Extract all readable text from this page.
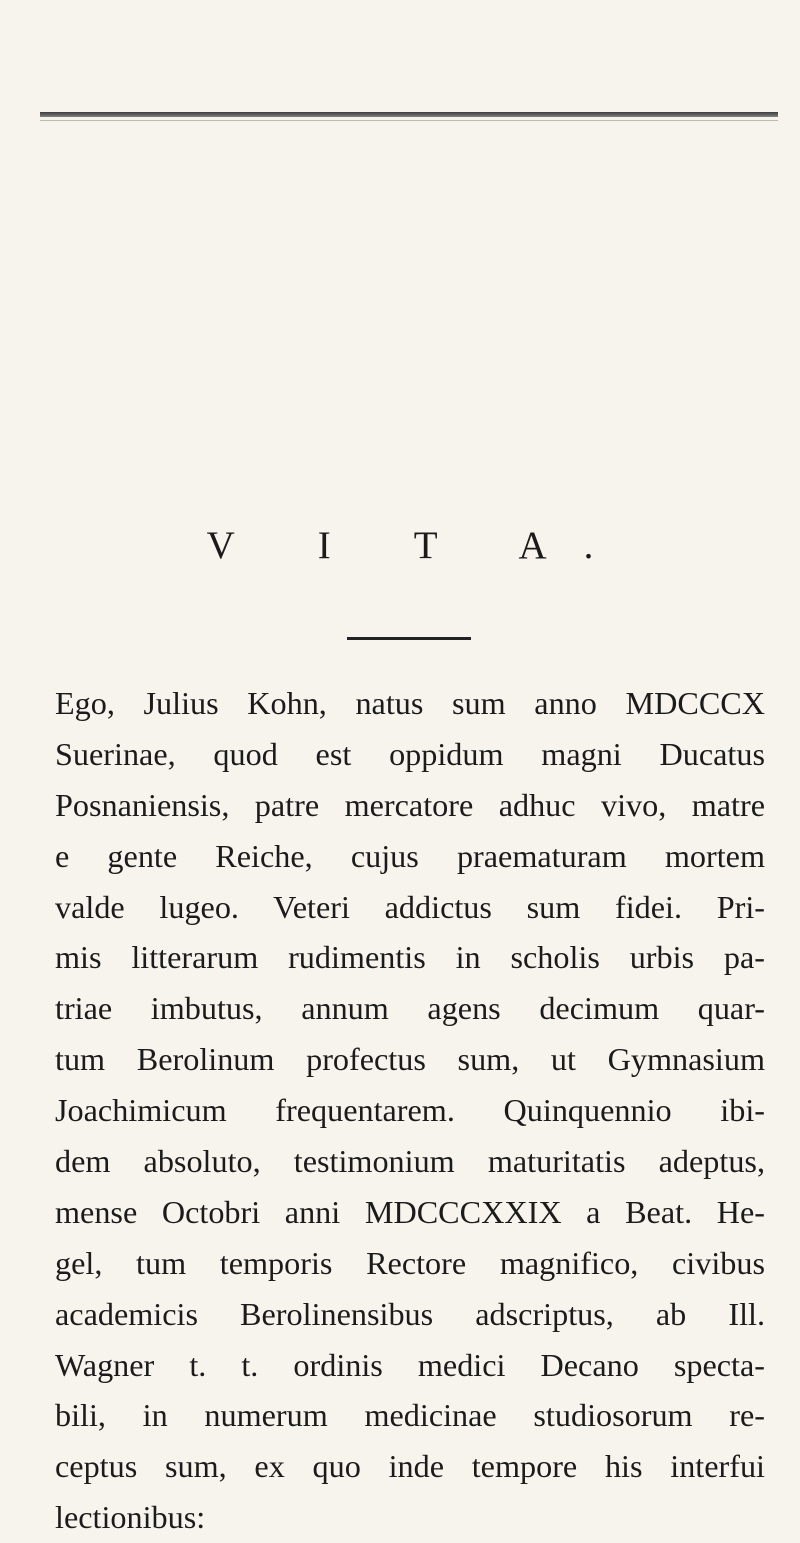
V I T A.
Ego, Julius Kohn, natus sum anno MDCCCX
Suerinae, quod est oppidum magni Ducatus
Posnaniensis, patre mercatore adhuc vivo, matre
e gente Reiche, cujus praematuram mortem
valde lugeo. Veteri addictus sum fidei. Pri-
mis litterarum rudimentis in scholis urbis pa-
triae imbutus, annum agens decimum quar-
tum Berolinum profectus sum, ut Gymnasium
Joachimicum frequentarem. Quinquennio ibi-
dem absoluto, testimonium maturitatis adeptus,
mense Octobri anni MDCCCXXIX a Beat. He-
gel, tum temporis Rectore magnifico, civibus
academicis Berolinensibus adscriptus, ab Ill.
Wagner t. t. ordinis medici Decano specta-
bili, in numerum medicinae studiosorum re-
ceptus sum, ex quo inde tempore his interfui
lectionibus:
